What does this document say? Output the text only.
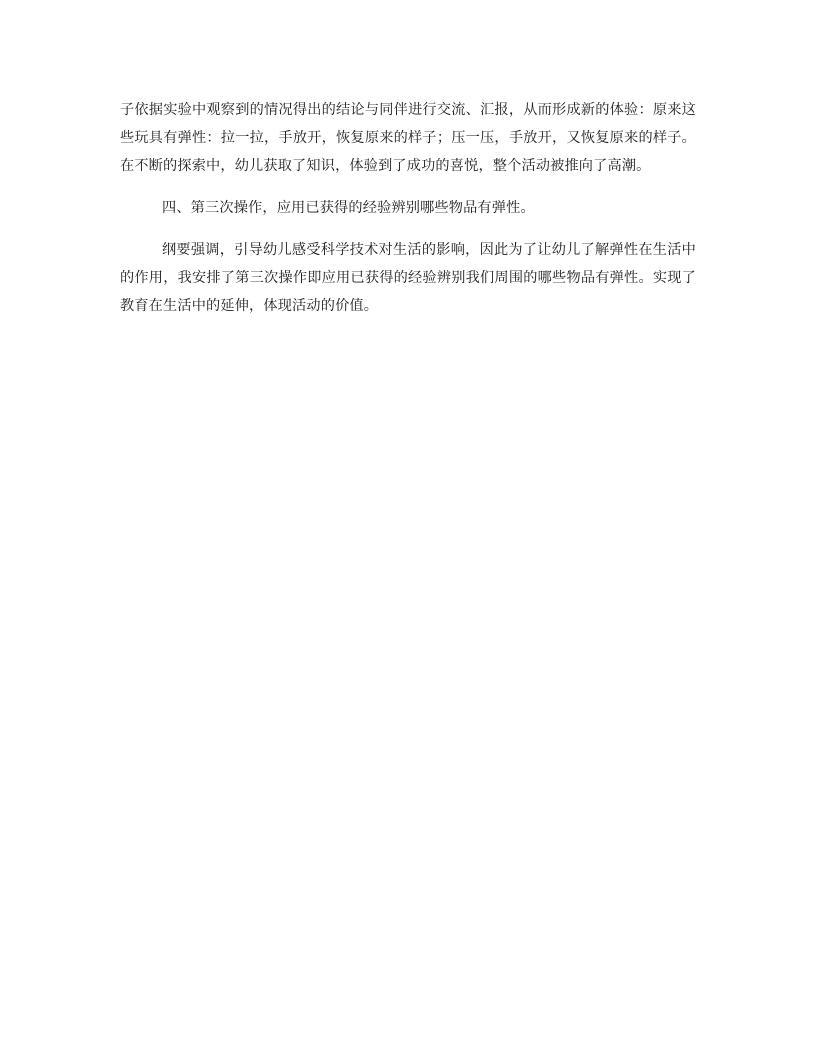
子依据实验中观察到的情况得出的结论与同伴进行交流、汇报，从而形成新的体验：原来这些玩具有弹性：拉一拉，手放开，恢复原来的样子；压一压，手放开，又恢复原来的样子。在不断的探索中，幼儿获取了知识，体验到了成功的喜悦，整个活动被推向了高潮。

四、第三次操作，应用已获得的经验辨别哪些物品有弹性。

纲要强调，引导幼儿感受科学技术对生活的影响，因此为了让幼儿了解弹性在生活中的作用，我安排了第三次操作即应用已获得的经验辨别我们周围的哪些物品有弹性。实现了教育在生活中的延伸，体现活动的价值。
